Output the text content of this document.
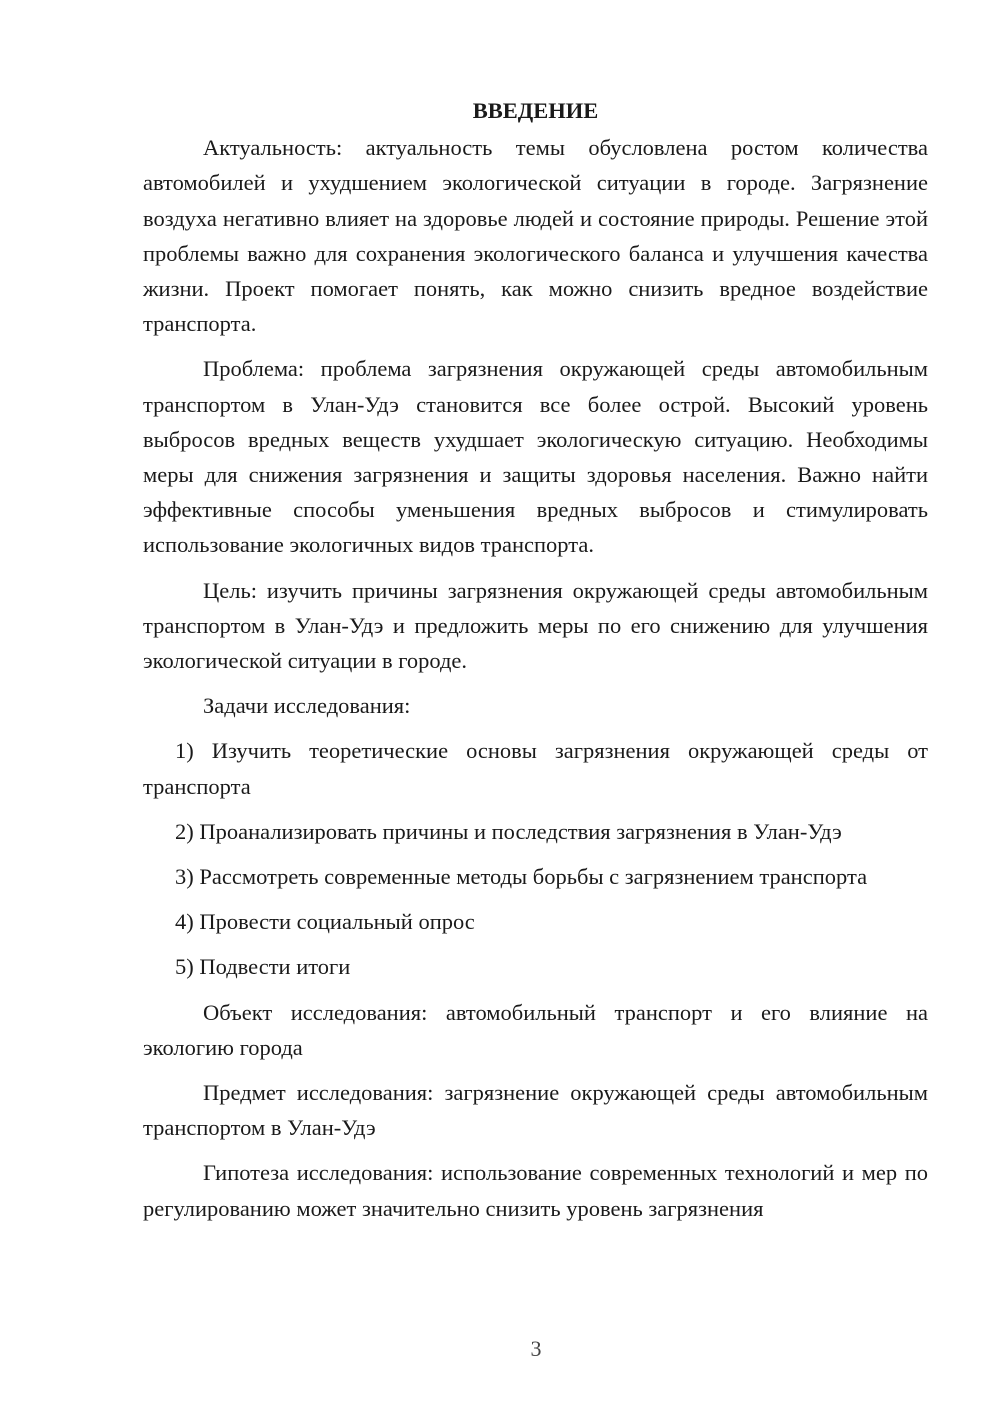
ВВЕДЕНИЕ

Актуальность: актуальность темы обусловлена ростом количества автомобилей и ухудшением экологической ситуации в городе. Загрязнение воздуха негативно влияет на здоровье людей и состояние природы. Решение этой проблемы важно для сохранения экологического баланса и улучшения качества жизни. Проект помогает понять, как можно снизить вредное воздействие транспорта.

Проблема: проблема загрязнения окружающей среды автомобильным транспортом в Улан-Удэ становится все более острой. Высокий уровень выбросов вредных веществ ухудшает экологическую ситуацию. Необходимы меры для снижения загрязнения и защиты здоровья населения. Важно найти эффективные способы уменьшения вредных выбросов и стимулировать использование экологичных видов транспорта.

Цель: изучить причины загрязнения окружающей среды автомобильным транспортом в Улан-Удэ и предложить меры по его снижению для улучшения экологической ситуации в городе.

Задачи исследования:

1) Изучить теоретические основы загрязнения окружающей среды от транспорта

2) Проанализировать причины и последствия загрязнения в Улан-Удэ

3) Рассмотреть современные методы борьбы с загрязнением транспорта

4) Провести социальный опрос

5) Подвести итоги

Объект исследования: автомобильный транспорт и его влияние на экологию города

Предмет исследования: загрязнение окружающей среды автомобильным транспортом в Улан-Удэ

Гипотеза исследования: использование современных технологий и мер по регулированию может значительно снизить уровень загрязнения

3
